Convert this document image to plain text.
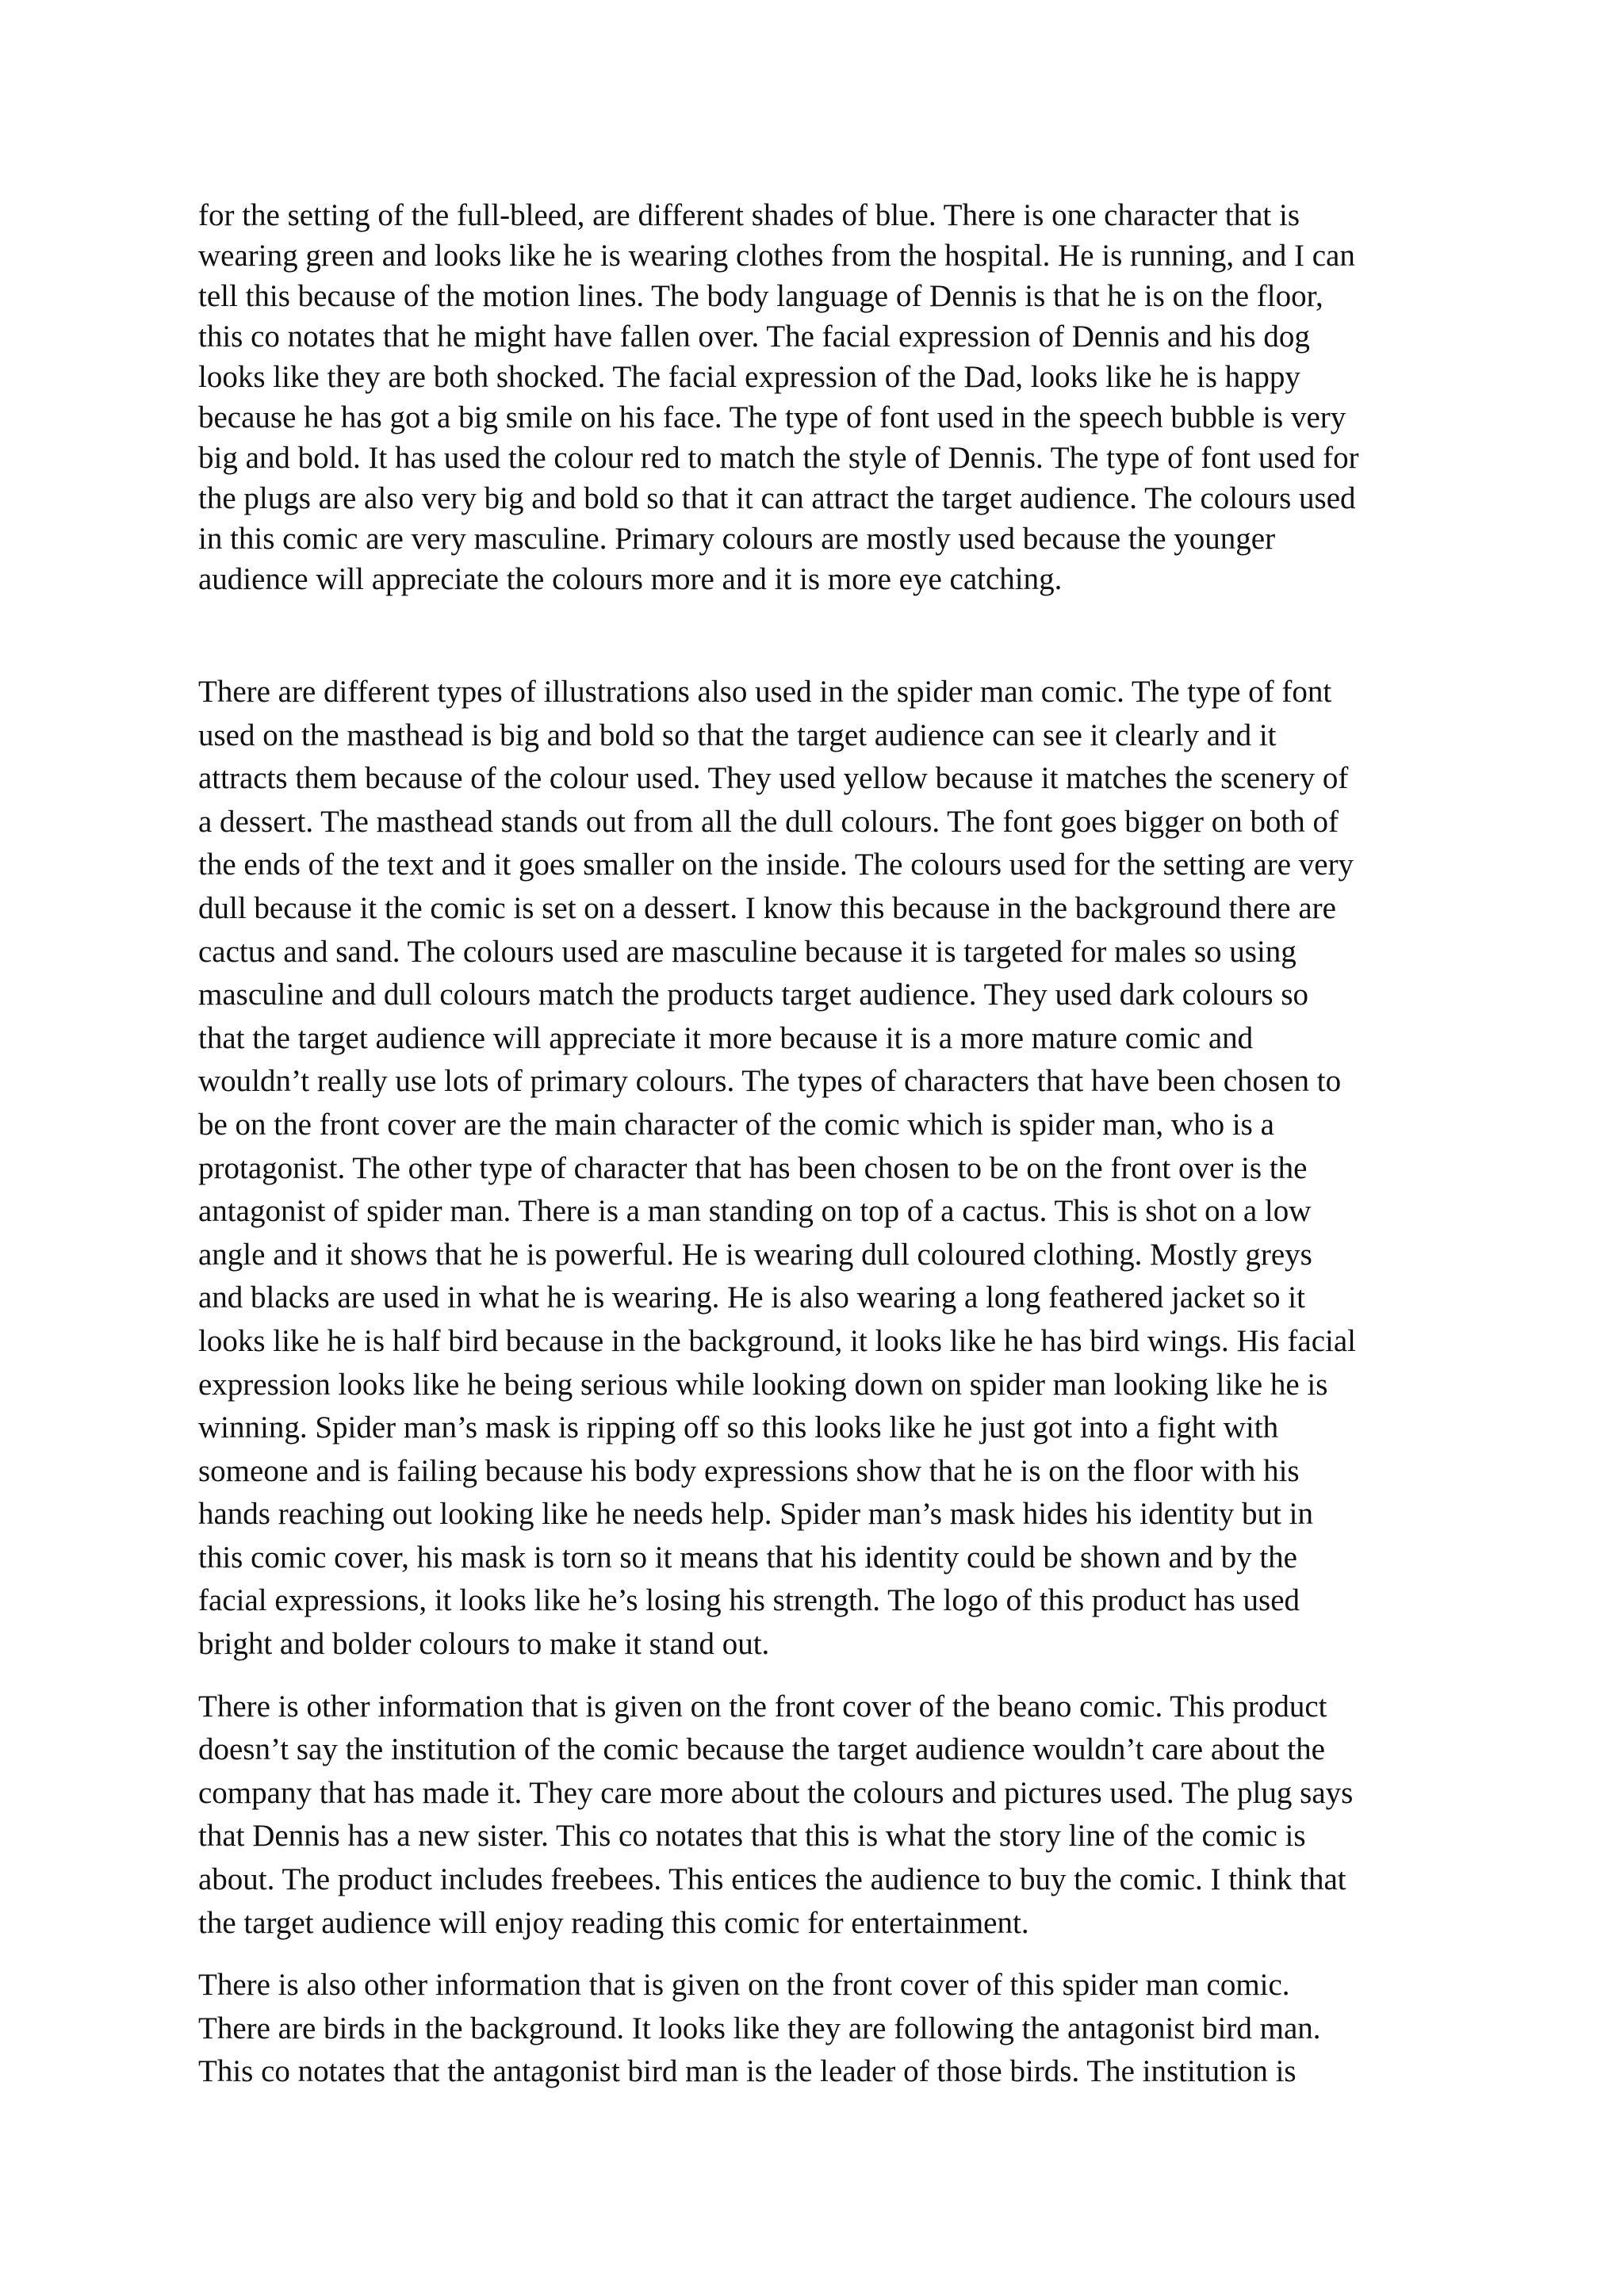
for the setting of the full-bleed, are different shades of blue. There is one character that is
wearing green and looks like he is wearing clothes from the hospital. He is running, and I can
tell this because of the motion lines. The body language of Dennis is that he is on the floor,
this co notates that he might have fallen over. The facial expression of Dennis and his dog
looks like they are both shocked. The facial expression of the Dad, looks like he is happy
because he has got a big smile on his face. The type of font used in the speech bubble is very
big and bold. It has used the colour red to match the style of Dennis. The type of font used for
the plugs are also very big and bold so that it can attract the target audience. The colours used
in this comic are very masculine. Primary colours are mostly used because the younger
audience will appreciate the colours more and it is more eye catching.
There are different types of illustrations also used in the spider man comic. The type of font
used on the masthead is big and bold so that the target audience can see it clearly and it
attracts them because of the colour used. They used yellow because it matches the scenery of
a dessert. The masthead stands out from all the dull colours. The font goes bigger on both of
the ends of the text and it goes smaller on the inside. The colours used for the setting are very
dull because it the comic is set on a dessert. I know this because in the background there are
cactus and sand. The colours used are masculine because it is targeted for males so using
masculine and dull colours match the products target audience. They used dark colours so
that the target audience will appreciate it more because it is a more mature comic and
wouldn’t really use lots of primary colours. The types of characters that have been chosen to
be on the front cover are the main character of the comic which is spider man, who is a
protagonist. The other type of character that has been chosen to be on the front over is the
antagonist of spider man. There is a man standing on top of a cactus. This is shot on a low
angle and it shows that he is powerful. He is wearing dull coloured clothing. Mostly greys
and blacks are used in what he is wearing. He is also wearing a long feathered jacket so it
looks like he is half bird because in the background, it looks like he has bird wings. His facial
expression looks like he being serious while looking down on spider man looking like he is
winning. Spider man’s mask is ripping off so this looks like he just got into a fight with
someone and is failing because his body expressions show that he is on the floor with his
hands reaching out looking like he needs help. Spider man’s mask hides his identity but in
this comic cover, his mask is torn so it means that his identity could be shown and by the
facial expressions, it looks like he’s losing his strength. The logo of this product has used
bright and bolder colours to make it stand out.
There is other information that is given on the front cover of the beano comic. This product
doesn’t say the institution of the comic because the target audience wouldn’t care about the
company that has made it. They care more about the colours and pictures used. The plug says
that Dennis has a new sister. This co notates that this is what the story line of the comic is
about. The product includes freebees. This entices the audience to buy the comic. I think that
the target audience will enjoy reading this comic for entertainment.
There is also other information that is given on the front cover of this spider man comic.
There are birds in the background. It looks like they are following the antagonist bird man.
This co notates that the antagonist bird man is the leader of those birds. The institution is
